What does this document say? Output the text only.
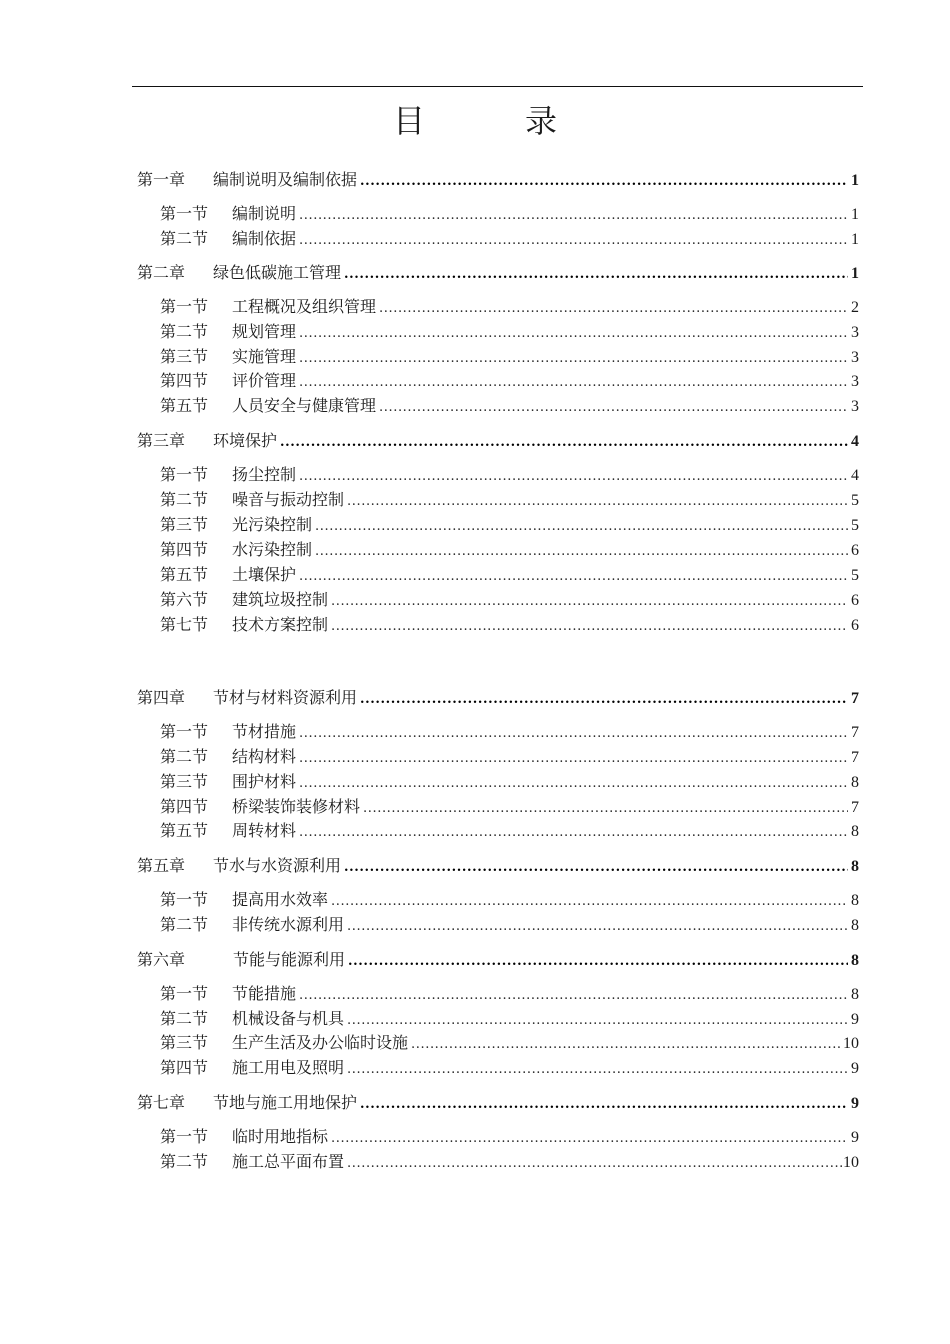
目　录
第一章	编制说明及编制依据 .....	1
第一节	编制说明 .....	1
第二节	编制依据 .....	1
第二章	绿色低碳施工管理 .....	1
第一节	工程概况及组织管理 .....	2
第二节	规划管理 .....	3
第三节	实施管理 .....	3
第四节	评价管理 .....	3
第五节	人员安全与健康管理 .....	3
第三章	环境保护 .....	4
第一节	扬尘控制 .....	4
第二节	噪音与振动控制 .....	5
第三节	光污染控制 .....	5
第四节	水污染控制 .....	6
第五节	土壤保护 .....	5
第六节	建筑垃圾控制 .....	6
第七节	技术方案控制 .....	6
第四章	节材与材料资源利用 .....	7
第一节	节材措施 .....	7
第二节	结构材料 .....	7
第三节	围护材料 .....	8
第四节	桥梁装饰装修材料 .....	7
第五节	周转材料 .....	8
第五章	节水与水资源利用 .....	8
第一节	提高用水效率 .....	8
第二节	非传统水源利用 .....	8
第六章	节能与能源利用 .....	8
第一节	节能措施 .....	8
第二节	机械设备与机具 .....	9
第三节	生产生活及办公临时设施 .....	10
第四节	施工用电及照明 .....	9
第七章	节地与施工用地保护 .....	9
第一节	临时用地指标 .....	9
第二节	施工总平面布置 .....	10
